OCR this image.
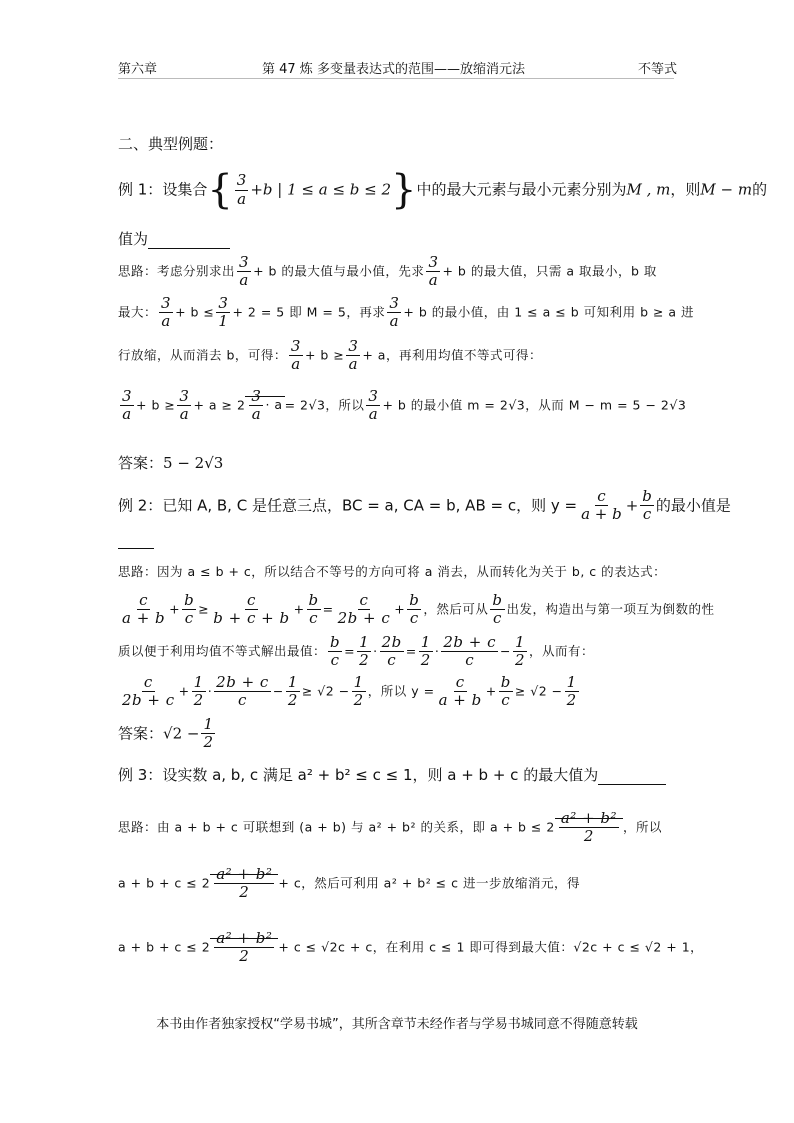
第六章	第 47 炼 多变量表达式的范围——放缩消元法	不等式
二、典型例题：
例 1：设集合{ $\frac{3}{a} +b$ | 1 ≤ a ≤ b ≤ 2}中的最大元素与最小元素分别为M , m，则M − m的
值为
思路：考虑分别求出 $\frac{3}{a} + b$ 的最大值与最小值，先求 $\frac{3}{a} + b$ 的最大值，只需 a 取最小，b 取
最大： $\frac{3}{a} + b \le \frac{3}{1} + 2 = 5$ 即 M = 5，再求 $\frac{3}{a} + b$ 的最小值，由 1 ≤ a ≤ b 可知利用 b ≥ a 进
行放缩，从而消去 b，可得： $\frac{3}{a} + b \ge \frac{3}{a} + a$，再利用均值不等式可得：
$\frac{3}{a} + b \ge \frac{3}{a} + a \ge 2 \frac{3}{a} \cdot a = 2√3$，所以 $\frac{3}{a} + b$ 的最小值 m = 2√3，从而 M − m = 5 − 2√3
答案：5 − 2√3
例 2：已知 A, B, C 是任意三点，BC = a, CA = b, AB = c，则 $y = \frac{c}{a + b} + \frac{b}{c}$ 的最小值是

思路：因为 a ≤ b + c，所以结合不等号的方向可将 a 消去，从而转化为关于 b, c 的表达式：
$\frac{c}{a + b} + \frac{b}{c} \ge \frac{c}{b + c + b} + \frac{b}{c} = \frac{c}{2b + c} + \frac{b}{c}$ ，然后可从 $\frac{b}{c}$ 出发，构造出与第一项互为倒数的性
质以便于利用均值不等式解出最值： $\frac{b}{c} = \frac{1}{2} \cdot \frac{2b}{c} = \frac{1}{2} \cdot \frac{2b + c}{c} - \frac{1}{2}$ ，从而有：
$\frac{c}{2b + c} + \frac{1}{2} \cdot \frac{2b + c}{c} - \frac{1}{2} \ge √2 - \frac{1}{2}$ ，所以 $y = \frac{c}{a + b} + \frac{b}{c} \ge √2 - \frac{1}{2}$
答案：$√2 - \frac{1}{2}$
例 3：设实数 a, b, c 满足 a² + b² ≤ c ≤ 1，则 a + b + c 的最大值为
思路：由 a + b + c 可联想到 (a + b) 与 a² + b² 的关系，即 $a + b \le 2 \frac{\text{a² + b²}}{2}$ ，所以
$a + b + c \le 2 \frac{\text{a² + b²}}{2} + c$，然后可利用 a² + b² ≤ c 进一步放缩消元，得
$a + b + c \le 2 \frac{\text{a² + b²}}{2} + c \le √2c + c$，在利用 c ≤ 1 即可得到最大值：√2c + c ≤ √2 + 1，
本书由作者独家授权“学易书城”，其所含章节未经作者与学易书城同意不得随意转载
